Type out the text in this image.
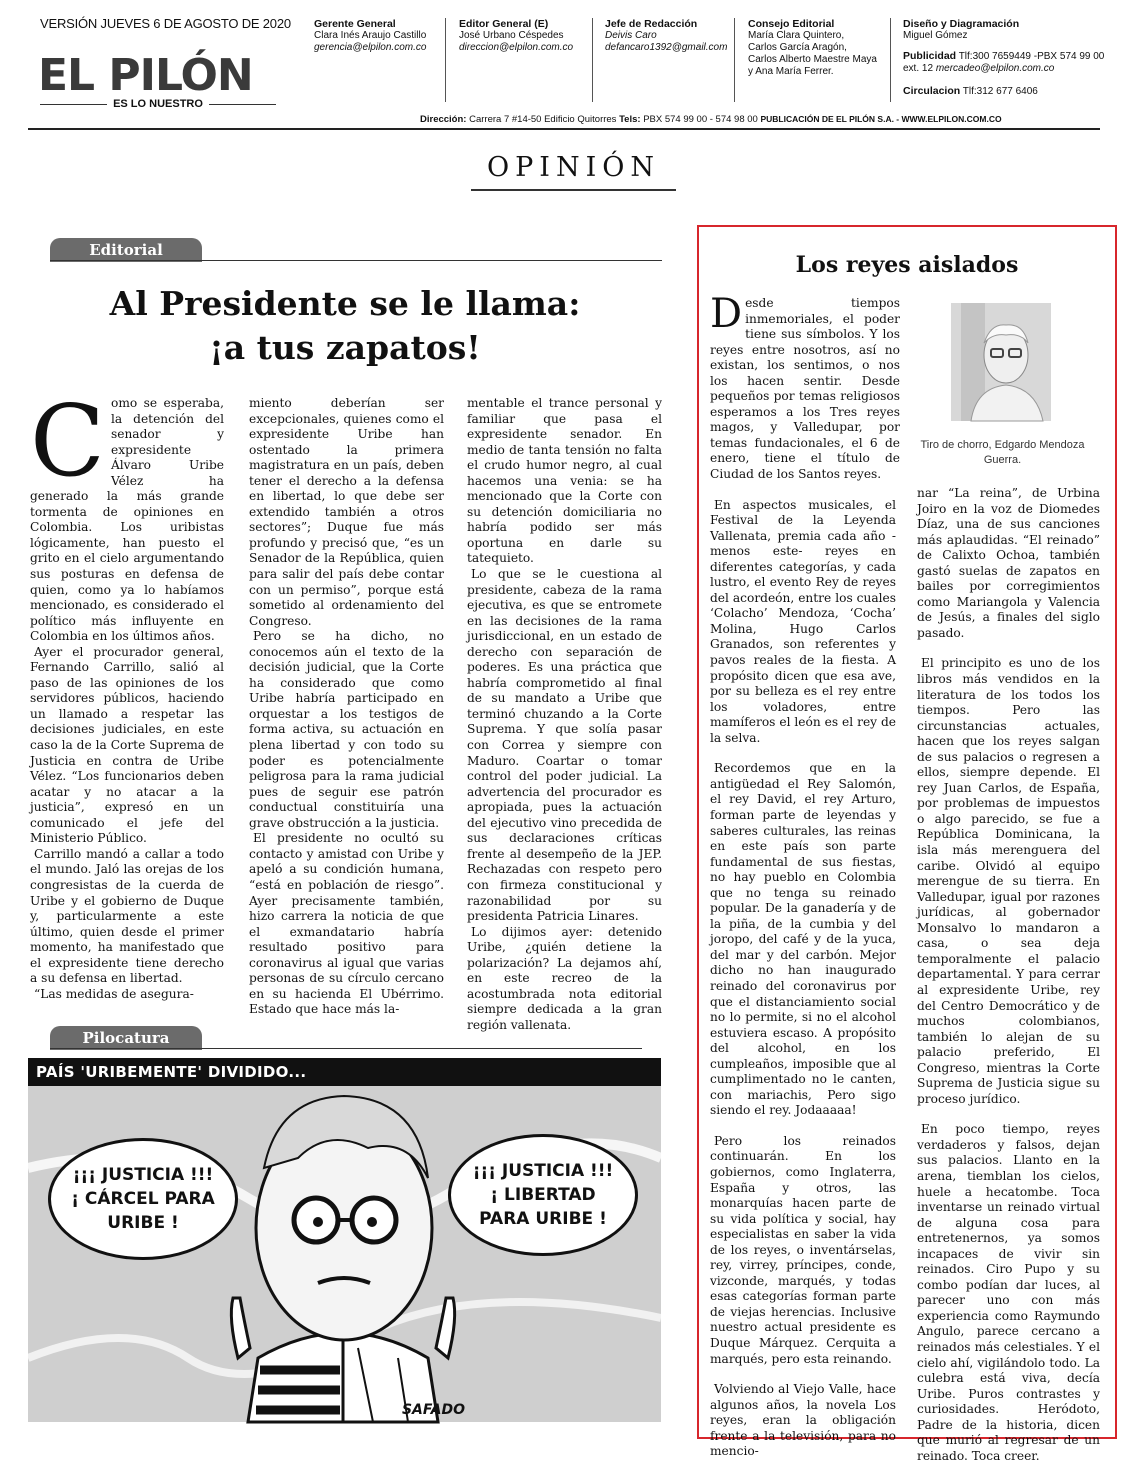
VERSIÓN JUEVES 6 DE AGOSTO DE 2020
EL PILÓN
ES LO NUESTRO
Gerente General
Clara Inés Araujo Castillo
gerencia@elpilon.com.co
Editor General (E)
José Urbano Céspedes
direccion@elpilon.com.co
Jefe de Redacción
Deivis Caro
defancaro1392@gmail.com
Consejo Editorial
María Clara Quintero,
Carlos García Aragón,
Carlos Alberto Maestre Maya
y Ana María Ferrer.
Diseño y Diagramación
Miguel Gómez
Publicidad Tlf:300 7659449 -PBX 574 99 00
ext. 12 mercadeo@elpilon.com.co
Circulacion Tlf:312 677 6406
Dirección: Carrera 7 #14-50 Edificio Quitorres Tels: PBX 574 99 00 - 574 98 00 PUBLICACIÓN DE EL PILÓN S.A. - WWW.ELPILON.COM.CO
OPINIÓN
Editorial
Al Presidente se le llama:
¡a tus zapatos!

Como se esperaba, la detención del senador y expresidente Álvaro Uribe Vélez ha generado la más grande tormenta de opiniones en Colombia. Los uribistas lógicamente, han puesto el grito en el cielo argumentando sus posturas en defensa de quien, como ya lo habíamos mencionado, es considerado el político más influyente en Colombia en los últimos años.

Ayer el procurador general, Fernando Carrillo, salió al paso de las opiniones de los servidores públicos, haciendo un llamado a respetar las decisiones judiciales, en este caso la de la Corte Suprema de Justicia en contra de Uribe Vélez. “Los funcionarios deben acatar y no atacar a la justicia”, expresó en un comunicado el jefe del Ministerio Público.

Carrillo mandó a callar a todo el mundo. Jaló las orejas de los congresistas de la cuerda de Uribe y el gobierno de Duque y, particularmente a este último, quien desde el primer momento, ha manifestado que el expresidente tiene derecho a su defensa en libertad.

“Las medidas de asegura-

miento deberían ser excepcionales, quienes como el expresidente Uribe han ostentado la primera magistratura en un país, deben tener el derecho a la defensa en libertad, lo que debe ser extendido también a otros sectores”; Duque fue más profundo y precisó que, “es un Senador de la República, quien para salir del país debe contar con un permiso”, porque está sometido al ordenamiento del Congreso.

Pero se ha dicho, no conocemos aún el texto de la decisión judicial, que la Corte ha considerado que como Uribe habría participado en orquestar a los testigos de forma activa, su actuación en plena libertad y con todo su poder es potencialmente peligrosa para la rama judicial pues de seguir ese patrón conductual constituiría una grave obstrucción a la justicia.

El presidente no ocultó su contacto y amistad con Uribe y apeló a su condición humana, “está en población de riesgo”. Ayer precisamente también, hizo carrera la noticia de que el exmandatario habría resultado positivo para coronavirus al igual que varias personas de su círculo cercano en su hacienda El Ubérrimo. Estado que hace más la-

mentable el trance personal y familiar que pasa el expresidente senador. En medio de tanta tensión no falta el crudo humor negro, al cual hacemos una venia: se ha mencionado que la Corte con su detención domiciliaria no habría podido ser más oportuna en darle su tatequieto.

Lo que se le cuestiona al presidente, cabeza de la rama ejecutiva, es que se entromete en las decisiones de la rama jurisdiccional, en un estado de derecho con separación de poderes. Es una práctica que habría comprometido al final de su mandato a Uribe que terminó chuzando a la Corte Suprema. Y que solía pasar con Correa y siempre con Maduro. Coartar o tomar control del poder judicial. La advertencia del procurador es apropiada, pues la actuación del ejecutivo vino precedida de sus declaraciones críticas frente al desempeño de la JEP. Rechazadas con respeto pero con firmeza constitucional y razonabilidad por su presidenta Patricia Linares.

Lo dijimos ayer: detenido Uribe, ¿quién detiene la polarización? La dejamos ahí, en este recreo de la acostumbrada nota editorial siempre dedicada a la gran región vallenata.

Pilocatura
PAÍS 'URIBEMENTE' DIVIDIDO...
¡¡¡ JUSTICIA !!!
¡ CÁRCEL PARA
URIBE !
¡¡¡ JUSTICIA !!!
¡ LIBERTAD
PARA URIBE !
SAFADO
Los reyes aislados
Tiro de chorro, Edgardo Mendoza Guerra.

Desde tiempos inmemoriales, el poder tiene sus símbolos. Y los reyes entre nosotros, así no existan, los sentimos, o nos los hacen sentir. Desde pequeños por temas religiosos esperamos a los Tres reyes magos, y Valledupar, por temas fundacionales, el 6 de enero, tiene el título de Ciudad de los Santos reyes.

En aspectos musicales, el Festival de la Leyenda Vallenata, premia cada año -menos este- reyes en diferentes categorías, y cada lustro, el evento Rey de reyes del acordeón, entre los cuales ‘Colacho’ Mendoza, ‘Cocha’ Molina, Hugo Carlos Granados, son referentes y pavos reales de la fiesta. A propósito dicen que esa ave, por su belleza es el rey entre los voladores, entre mamíferos el león es el rey de la selva.

Recordemos que en la antigüedad el Rey Salomón, el rey David, el rey Arturo, forman parte de leyendas y saberes culturales, las reinas en este país son parte fundamental de sus fiestas, no hay pueblo en Colombia que no tenga su reinado popular. De la ganadería y de la piña, de la cumbia y del joropo, del café y de la yuca, del mar y del carbón. Mejor dicho no han inaugurado reinado del coronavirus por que el distanciamiento social no lo permite, si no el alcohol estuviera escaso. A propósito del alcohol, en los cumpleaños, imposible que al cumplimentado no le canten, con mariachis, Pero sigo siendo el rey. Jodaaaaa!

Pero los reinados continuarán. En los gobiernos, como Inglaterra, España y otros, las monarquías hacen parte de su vida política y social, hay especialistas en saber la vida de los reyes, o inventárselas, rey, virrey, príncipes, conde, vizconde, marqués, y todas esas categorías forman parte de viejas herencias. Inclusive nuestro actual presidente es Duque Márquez. Cerquita a marqués, pero esta reinando.

Volviendo al Viejo Valle, hace algunos años, la novela Los reyes, eran la obligación frente a la televisión, para no mencio-

nar “La reina”, de Urbina Joiro en la voz de Diomedes Díaz, una de sus canciones más aplaudidas. “El reinado” de Calixto Ochoa, también gastó suelas de zapatos en bailes por corregimientos como Mariangola y Valencia de Jesús, a finales del siglo pasado.

El principito es uno de los libros más vendidos en la literatura de los todos los tiempos. Pero las circunstancias actuales, hacen que los reyes salgan de sus palacios o regresen a ellos, siempre depende. El rey Juan Carlos, de España, por problemas de impuestos o algo parecido, se fue a República Dominicana, la isla más merenguera del caribe. Olvidó al equipo merengue de su tierra. En Valledupar, igual por razones jurídicas, al gobernador Monsalvo lo mandaron a casa, o sea deja temporalmente el palacio departamental. Y para cerrar al expresidente Uribe, rey del Centro Democrático y de muchos colombianos, también lo alejan de su palacio preferido, El Congreso, mientras la Corte Suprema de Justicia sigue su proceso jurídico.

En poco tiempo, reyes verdaderos y falsos, dejan sus palacios. Llanto en la arena, tiemblan los cielos, huele a hecatombe. Toca inventarse un reinado virtual de alguna cosa para entretenernos, ya somos incapaces de vivir sin reinados. Ciro Pupo y su combo podían dar luces, al parecer uno con más experiencia como Raymundo Angulo, parece cercano a reinados más celestiales. Y el cielo ahí, vigilándolo todo. La culebra está viva, decía Uribe. Puros contrastes y curiosidades. Heródoto, Padre de la historia, dicen que murió al regresar de un reinado. Toca creer.
